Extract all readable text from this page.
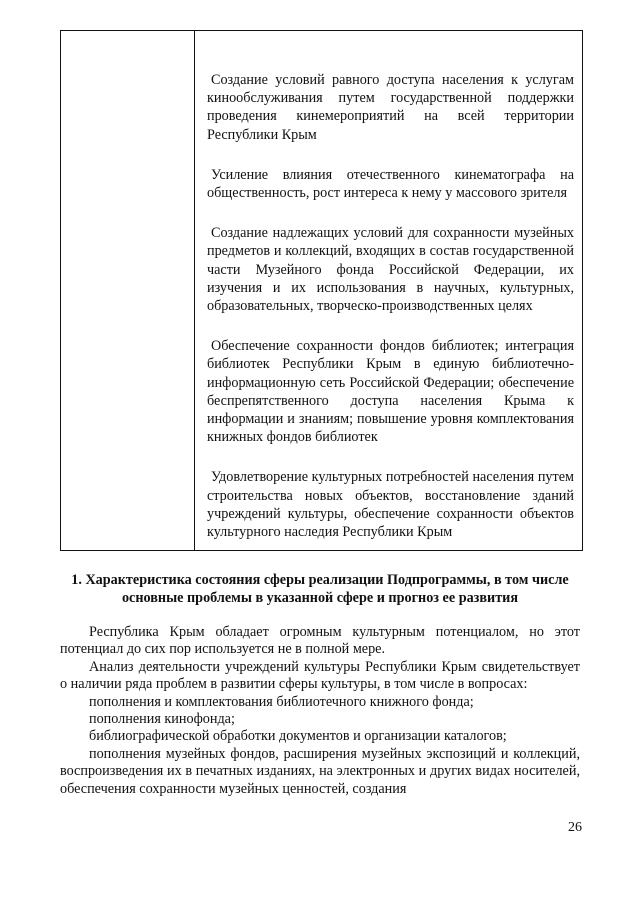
Создание условий равного доступа населения к услугам кинообслуживания путем государственной поддержки проведения кинемероприятий на всей территории Республики Крым

Усиление влияния отечественного кинематографа на общественность, рост интереса к нему у массового зрителя

Создание надлежащих условий для сохранности музейных предметов и коллекций, входящих в состав государственной части Музейного фонда Российской Федерации, их изучения и их использования в научных, культурных, образовательных, творческо-производственных целях

Обеспечение сохранности фондов библиотек; интеграция библиотек Республики Крым в единую библиотечно-информационную сеть Российской Федерации; обеспечение беспрепятственного доступа населения Крыма к информации и знаниям; повышение уровня комплектования книжных фондов библиотек

Удовлетворение культурных потребностей населения путем строительства новых объектов, восстановление зданий учреждений культуры, обеспечение сохранности объектов культурного наследия Республики Крым

1. Характеристика состояния сферы реализации Подпрограммы, в том числе основные проблемы в указанной сфере и прогноз ее развития

Республика Крым обладает огромным культурным потенциалом, но этот потенциал до сих пор используется не в полной мере.

Анализ деятельности учреждений культуры Республики Крым свидетельствует о наличии ряда проблем в развитии сферы культуры, в том числе в вопросах:

пополнения и комплектования библиотечного книжного фонда;

пополнения кинофонда;

библиографической обработки документов и организации каталогов;

пополнения музейных фондов, расширения музейных экспозиций и коллекций, воспроизведения их в печатных изданиях, на электронных и других видах носителей, обеспечения сохранности музейных ценностей, создания

26
